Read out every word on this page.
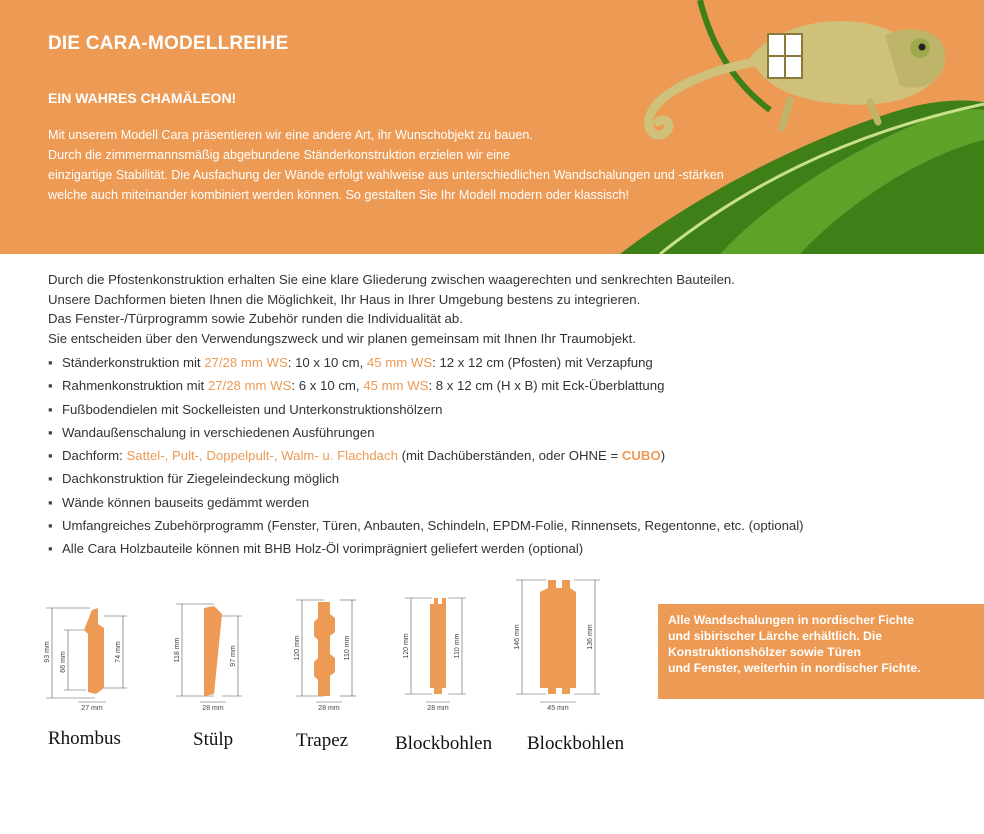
DIE CARA-MODELLREIHE
EIN WAHRES CHAMÄLEON!
Mit unserem Modell Cara präsentieren wir eine andere Art, ihr Wunschobjekt zu bauen.
Durch die zimmermannsmäßig abgebundene Ständerkonstruktion erzielen wir eine
einzigartige Stabilität. Die Ausfachung der Wände erfolgt wahlweise aus unterschiedlichen Wandschalungen und -stärken
welche auch miteinander kombiniert werden können. So gestalten Sie Ihr Modell modern oder klassisch!
Durch die Pfostenkonstruktion erhalten Sie eine klare Gliederung zwischen waagerechten und senkrechten Bauteilen.
Unsere Dachformen bieten Ihnen die Möglichkeit, Ihr Haus in Ihrer Umgebung bestens zu integrieren.
Das Fenster-/Türprogramm sowie Zubehör runden die Individualität ab.
Sie entscheiden über den Verwendungszweck und wir planen gemeinsam mit Ihnen Ihr Traumobjekt.
▪ Ständerkonstruktion mit 27/28 mm WS: 10 x 10 cm, 45 mm WS: 12 x 12 cm (Pfosten) mit Verzapfung
▪ Rahmenkonstruktion mit 27/28 mm WS: 6 x 10 cm, 45 mm WS: 8 x 12 cm (H x B) mit Eck-Überblattung
▪ Fußbodendielen mit Sockelleisten und Unterkonstruktionshölzern
▪ Wandaußenschalung in verschiedenen Ausführungen
▪ Dachform: Sattel-, Pult-, Doppelpult-, Walm- u. Flachdach (mit Dachüberständen, oder OHNE = CUBO)
▪ Dachkonstruktion für Ziegeleindeckung möglich
▪ Wände können bauseits gedämmt werden
▪ Umfangreiches Zubehörprogramm (Fenster, Türen, Anbauten, Schindeln, EPDM-Folie, Rinnensets, Regentonne, etc. (optional)
▪ Alle Cara Holzbauteile können mit BHB Holz-Öl vorimprägniert geliefert werden (optional)
93 mm 66 mm	74 mm
27 mm
118 mm	97 mm
28 mm
120 mm	110 mm
28 mm
120 mm	110 mm
28 mm
146 mm	136 mm
45 mm
Rhombus	Stülp	Trapez Blockbohlen Blockbohlen
Alle Wandschalungen in nordischer Fichte
und sibirischer Lärche erhältlich. Die
Konstruktionshölzer sowie Türen
und Fenster, weiterhin in nordischer Fichte.
